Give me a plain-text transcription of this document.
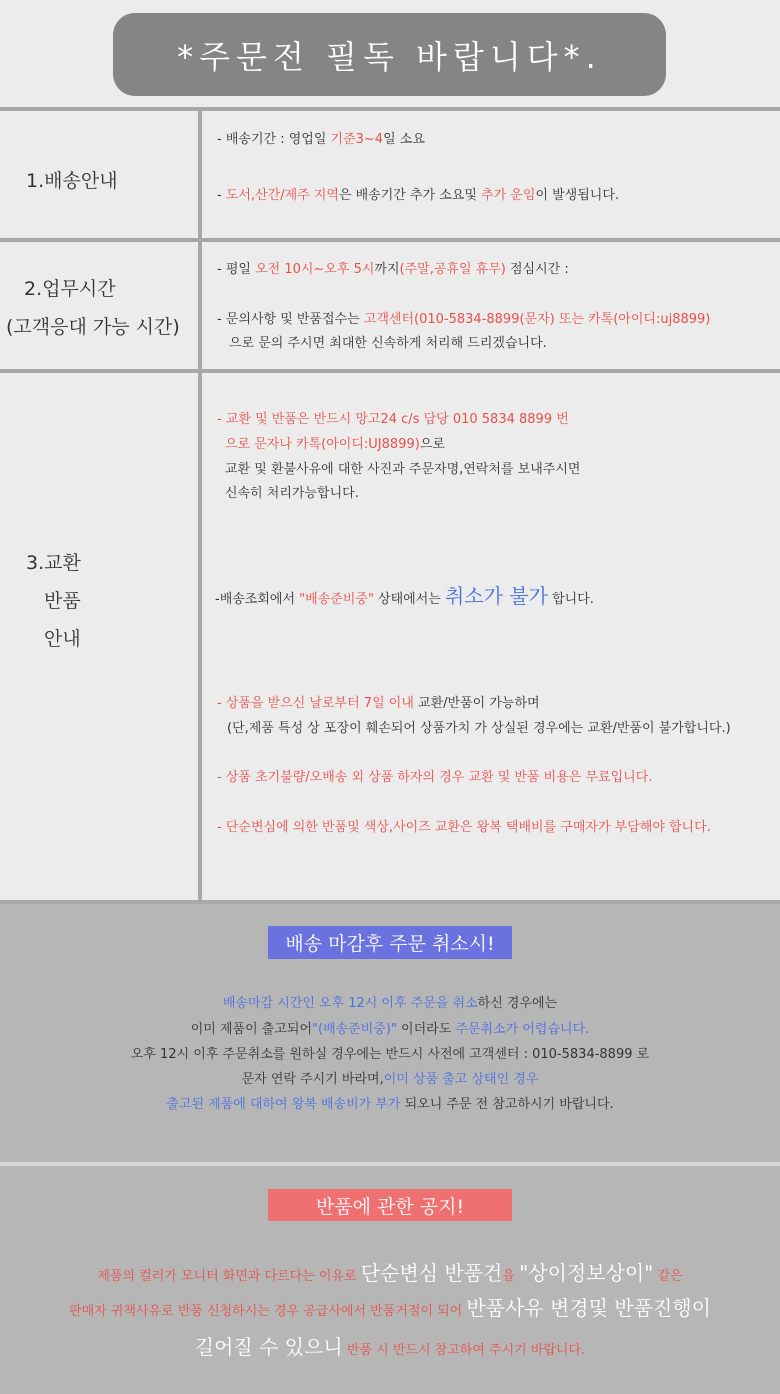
*주문전 필독 바랍니다*.
1.배송안내
- 배송기간 : 영업일 기준3~4일 소요
- 도서,산간/제주 지역은 배송기간 추가 소요및 추가 운임이 발생됩니다.
2.업무시간
(고객응대 가능 시간)
- 평일 오전 10시~오후 5시까지(주말,공휴일 휴무) 점심시간 :
- 문의사항 및 반품접수는 고객센터(010-5834-8899(문자) 또는 카톡(아이디:uj8899)
으로 문의 주시면 최대한 신속하게 처리해 드리겠습니다.
3.교환
반품
안내
- 교환 및 반품은 반드시 망고24 c/s 담당 010 5834 8899 번
으로 문자나 카톡(아이디:UJ8899)으로
교환 및 환불사유에 대한 사진과 주문자명,연락처를 보내주시면
신속히 처리가능합니다.
-배송조회에서 "배송준비중" 상태에서는 취소가 불가 합니다.
- 상품을 받으신 날로부터 7일 이내 교환/반품이 가능하며
(단,제품 특성 상 포장이 훼손되어 상품가치 가 상실된 경우에는 교환/반품이 불가합니다.)
- 상품 초기불량/오배송 외 상품 하자의 경우 교환 및 반품 비용은 무료입니다.
- 단순변심에 의한 반품및 색상,사이즈 교환은 왕복 택배비를 구매자가 부담해야 합니다.
배송 마감후 주문 취소시!
배송마감 시간인 오후 12시 이후 주문을 취소하신 경우에는
이미 제품이 출고되어"(배송준비중)" 이더라도 주문취소가 어렵습니다.
오후 12시 이후 주문취소를 원하실 경우에는 반드시 사전에 고객센터 : 010-5834-8899 로
문자 연락 주시기 바라며,이미 상품 출고 상태인 경우
출고된 제품에 대하여 왕복 배송비가 부가 되오니 주문 전 참고하시기 바랍니다.
반품에 관한 공지!
제품의 컬러가 모니터 화면과 다르다는 이유로 단순변심 반품건을 "상이정보상이" 같은
판매자 귀책사유로 반품 신청하시는 경우 공급사에서 반품거절이 되어 반품사유 변경및 반품진행이
길어질 수 있으니 반품 시 반드시 참고하여 주시기 바랍니다.
